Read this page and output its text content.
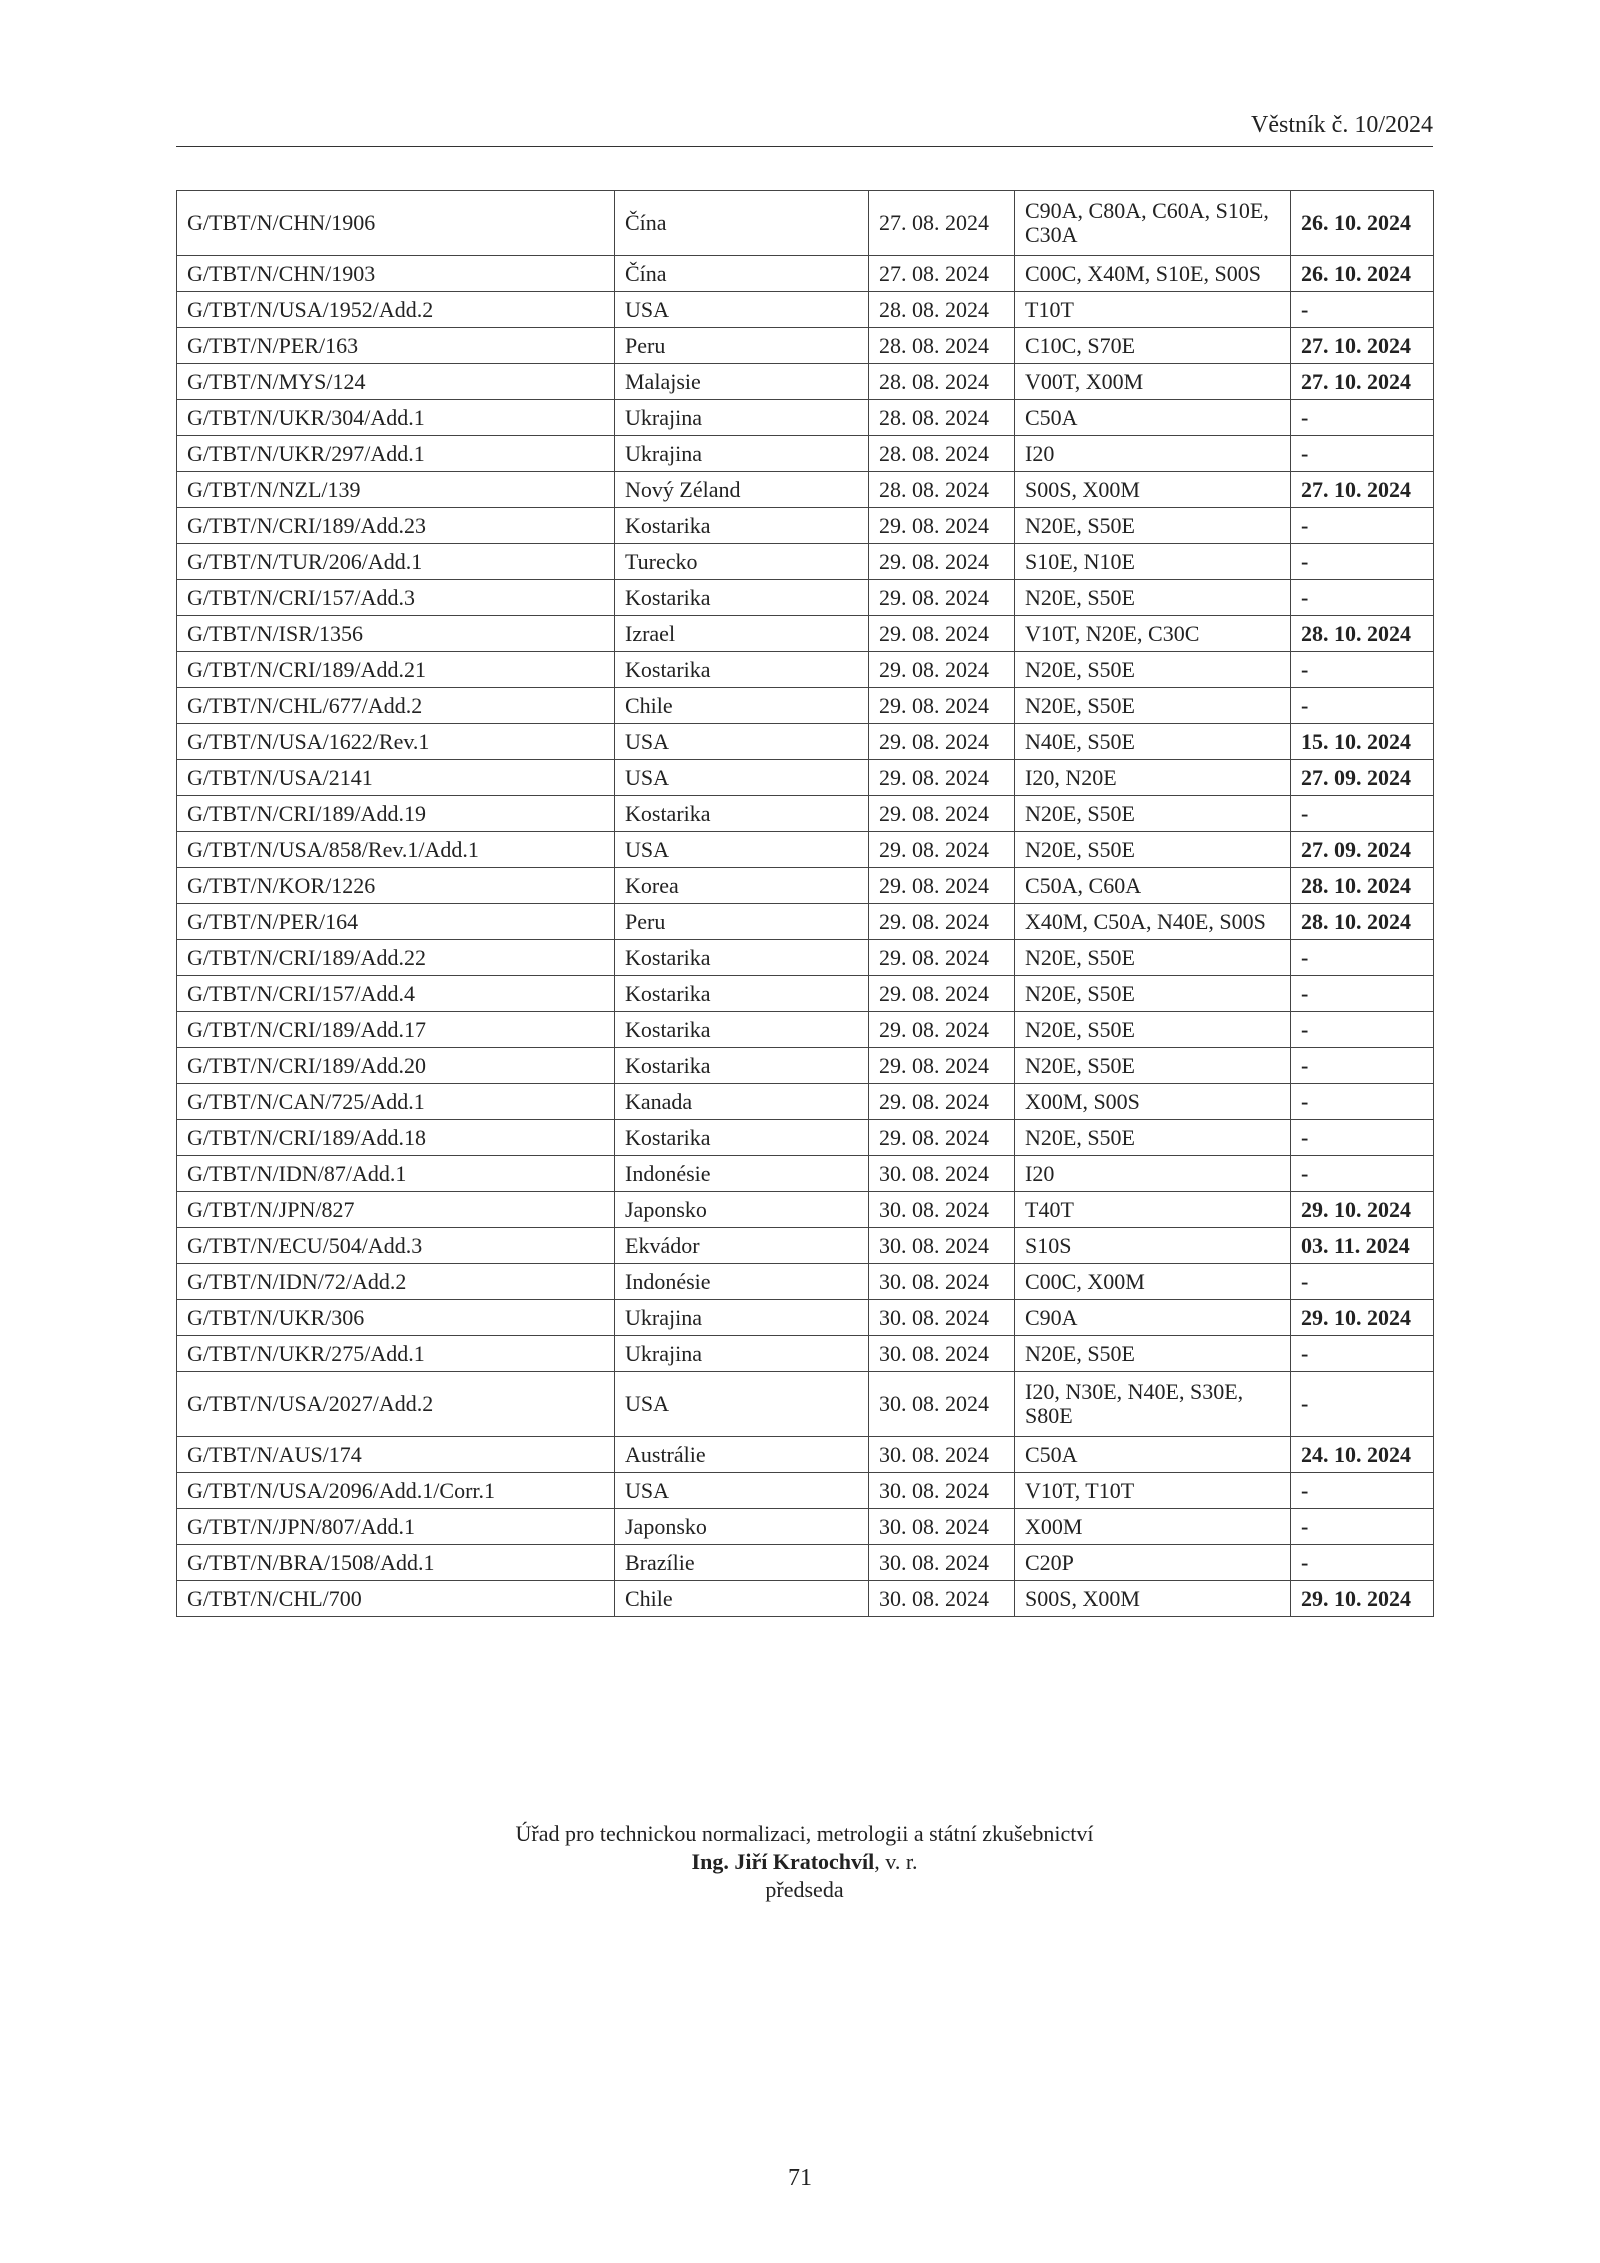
Věstník č. 10/2024
G/TBT/N/CHN/1906	Čína	27. 08. 2024	C90A, C80A, C60A, S10E, C30A	26. 10. 2024
G/TBT/N/CHN/1903	Čína	27. 08. 2024	C00C, X40M, S10E, S00S	26. 10. 2024
G/TBT/N/USA/1952/Add.2	USA	28. 08. 2024	T10T	-
G/TBT/N/PER/163	Peru	28. 08. 2024	C10C, S70E	27. 10. 2024
G/TBT/N/MYS/124	Malajsie	28. 08. 2024	V00T, X00M	27. 10. 2024
G/TBT/N/UKR/304/Add.1	Ukrajina	28. 08. 2024	C50A	-
G/TBT/N/UKR/297/Add.1	Ukrajina	28. 08. 2024	I20	-
G/TBT/N/NZL/139	Nový Zéland	28. 08. 2024	S00S, X00M	27. 10. 2024
G/TBT/N/CRI/189/Add.23	Kostarika	29. 08. 2024	N20E, S50E	-
G/TBT/N/TUR/206/Add.1	Turecko	29. 08. 2024	S10E, N10E	-
G/TBT/N/CRI/157/Add.3	Kostarika	29. 08. 2024	N20E, S50E	-
G/TBT/N/ISR/1356	Izrael	29. 08. 2024	V10T, N20E, C30C	28. 10. 2024
G/TBT/N/CRI/189/Add.21	Kostarika	29. 08. 2024	N20E, S50E	-
G/TBT/N/CHL/677/Add.2	Chile	29. 08. 2024	N20E, S50E	-
G/TBT/N/USA/1622/Rev.1	USA	29. 08. 2024	N40E, S50E	15. 10. 2024
G/TBT/N/USA/2141	USA	29. 08. 2024	I20, N20E	27. 09. 2024
G/TBT/N/CRI/189/Add.19	Kostarika	29. 08. 2024	N20E, S50E	-
G/TBT/N/USA/858/Rev.1/Add.1	USA	29. 08. 2024	N20E, S50E	27. 09. 2024
G/TBT/N/KOR/1226	Korea	29. 08. 2024	C50A, C60A	28. 10. 2024
G/TBT/N/PER/164	Peru	29. 08. 2024	X40M, C50A, N40E, S00S	28. 10. 2024
G/TBT/N/CRI/189/Add.22	Kostarika	29. 08. 2024	N20E, S50E	-
G/TBT/N/CRI/157/Add.4	Kostarika	29. 08. 2024	N20E, S50E	-
G/TBT/N/CRI/189/Add.17	Kostarika	29. 08. 2024	N20E, S50E	-
G/TBT/N/CRI/189/Add.20	Kostarika	29. 08. 2024	N20E, S50E	-
G/TBT/N/CAN/725/Add.1	Kanada	29. 08. 2024	X00M, S00S	-
G/TBT/N/CRI/189/Add.18	Kostarika	29. 08. 2024	N20E, S50E	-
G/TBT/N/IDN/87/Add.1	Indonésie	30. 08. 2024	I20	-
G/TBT/N/JPN/827	Japonsko	30. 08. 2024	T40T	29. 10. 2024
G/TBT/N/ECU/504/Add.3	Ekvádor	30. 08. 2024	S10S	03. 11. 2024
G/TBT/N/IDN/72/Add.2	Indonésie	30. 08. 2024	C00C, X00M	-
G/TBT/N/UKR/306	Ukrajina	30. 08. 2024	C90A	29. 10. 2024
G/TBT/N/UKR/275/Add.1	Ukrajina	30. 08. 2024	N20E, S50E	-
G/TBT/N/USA/2027/Add.2	USA	30. 08. 2024	I20, N30E, N40E, S30E, S80E	-
G/TBT/N/AUS/174	Austrálie	30. 08. 2024	C50A	24. 10. 2024
G/TBT/N/USA/2096/Add.1/Corr.1	USA	30. 08. 2024	V10T, T10T	-
G/TBT/N/JPN/807/Add.1	Japonsko	30. 08. 2024	X00M	-
G/TBT/N/BRA/1508/Add.1	Brazílie	30. 08. 2024	C20P	-
G/TBT/N/CHL/700	Chile	30. 08. 2024	S00S, X00M	29. 10. 2024
Úřad pro technickou normalizaci, metrologii a státní zkušebnictví
Ing. Jiří Kratochvíl, v. r.
předseda
71
